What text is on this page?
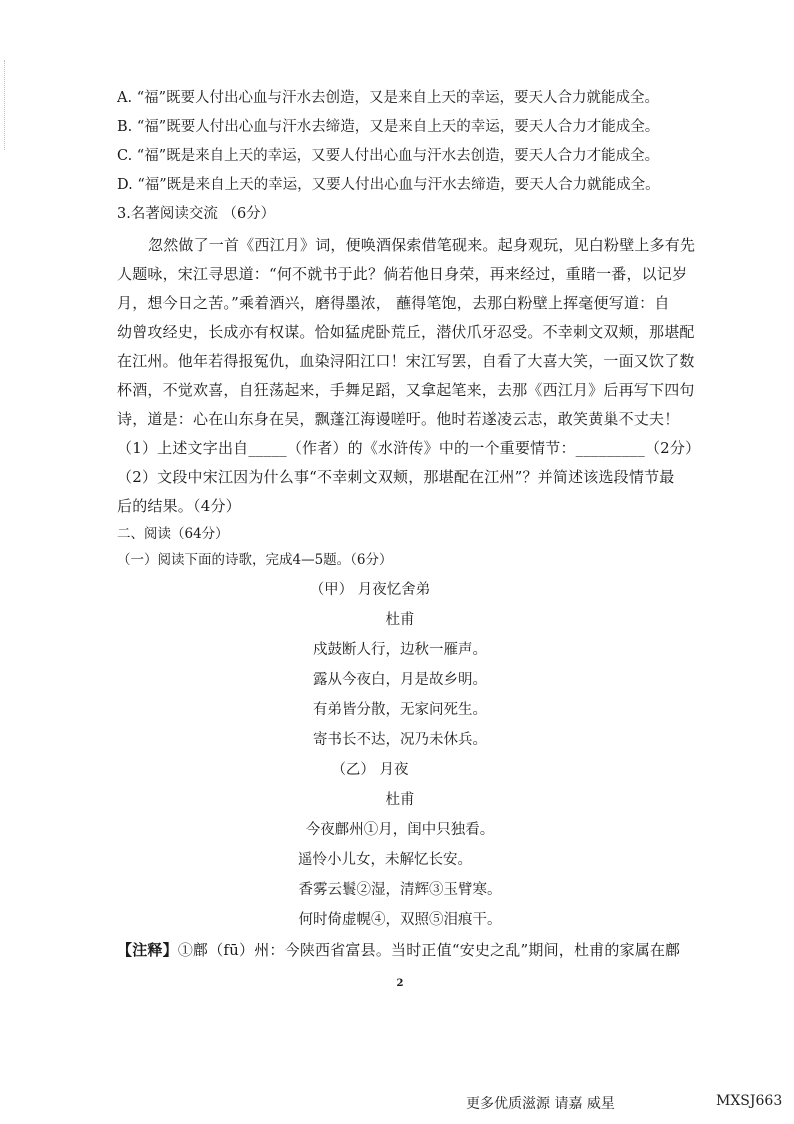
A. “福”既要人付出心血与汗水去创造，又是来自上天的幸运，要天人合力就能成全。
B. “福”既要人付出心血与汗水去缔造，又是来自上天的幸运，要天人合力才能成全。
C. “福”既是来自上天的幸运，又要人付出心血与汗水去创造，要天人合力才能成全。
D. “福”既是来自上天的幸运，又要人付出心血与汗水去缔造，要天人合力就能成全。
3.名著阅读交流 （6分）
忽然做了一首《西江月》词，便唤酒保索借笔砚来。起身观玩，见白粉壁上多有先
人题咏，宋江寻思道：“何不就书于此？倘若他日身荣，再来经过，重睹一番，以记岁
月，想今日之苦。”乘着酒兴，磨得墨浓， 蘸得笔饱，去那白粉壁上挥毫便写道：自
幼曾攻经史，长成亦有权谋。恰如猛虎卧荒丘，潜伏爪牙忍受。不幸刺文双颊，那堪配
在江州。他年若得报冤仇，血染浔阳江口！宋江写罢，自看了大喜大笑，一面又饮了数
杯酒，不觉欢喜，自狂荡起来，手舞足蹈，又拿起笔来，去那《西江月》后再写下四句
诗，道是：心在山东身在吴，飘蓬江海谩嗟吁。他时若遂凌云志，敢笑黄巢不丈夫！
（1）上述文字出自_____（作者）的《水浒传》中的一个重要情节：_________（2分）
（2）文段中宋江因为什么事“不幸刺文双颊，那堪配在江州”？并简述该选段情节最
后的结果。（4分）
二、阅读（64分）
（一）阅读下面的诗歌，完成4—5题。（6分）
（甲） 月夜忆舍弟
杜甫
戍鼓断人行，边秋一雁声。
露从今夜白，月是故乡明。
有弟皆分散，无家问死生。
寄书长不达，况乃未休兵。
（乙） 月夜
杜甫
今夜鄜州①月，闺中只独看。
遥怜小儿女，未解忆长安。
香雾云鬟②湿，清辉③玉臂寒。
何时倚虚幌④，双照⑤泪痕干。
【注释】①鄜（fū）州：今陕西省富县。当时正值“安史之乱”期间，杜甫的家属在鄜
2
更多优质滋源 请嘉 威星	MXSJ663
